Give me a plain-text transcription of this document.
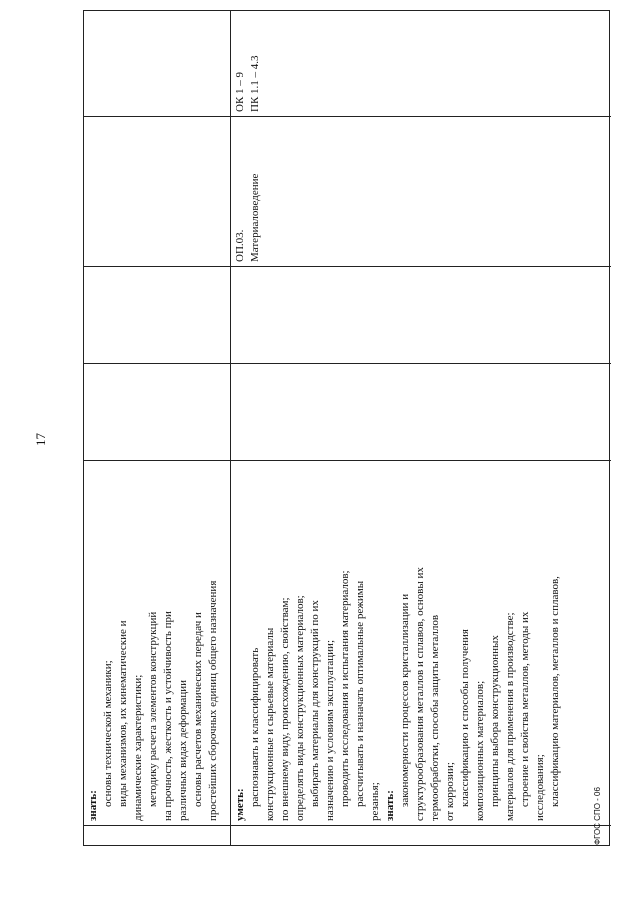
17
знать: основы технической механики; виды механизмов, их кинематические и динамические характеристики; методику расчета элементов конструкций на прочность, жесткость и устойчивость при различных видах деформации основы расчетов механических передач и простейших сборочных единиц общего назначения уметь: распознавать и классифицировать конструкционные и сырьевые материалы по внешнему виду, происхождению, свойствам; определять виды конструкционных материалов; выбирать материалы для конструкций по их назначению и условиям эксплуатации; проводить исследования и испытания материалов; рассчитывать и назначать оптимальные режимы резанья; знать: закономерности процессов кристаллизации и структурообразования металлов и сплавов, основы их термообработки, способы защиты металлов от коррозии; классификацию и способы получения композиционных материалов; принципы выбора конструкционных материалов для применения в производстве; строение и свойства металлов, методы их исследования; классификацию материалов, металлов и сплавов,
ОП.03. Материаловедение
ОК 1 – 9 ПК 1.1 – 4.3
ФГОС СПО - 06
